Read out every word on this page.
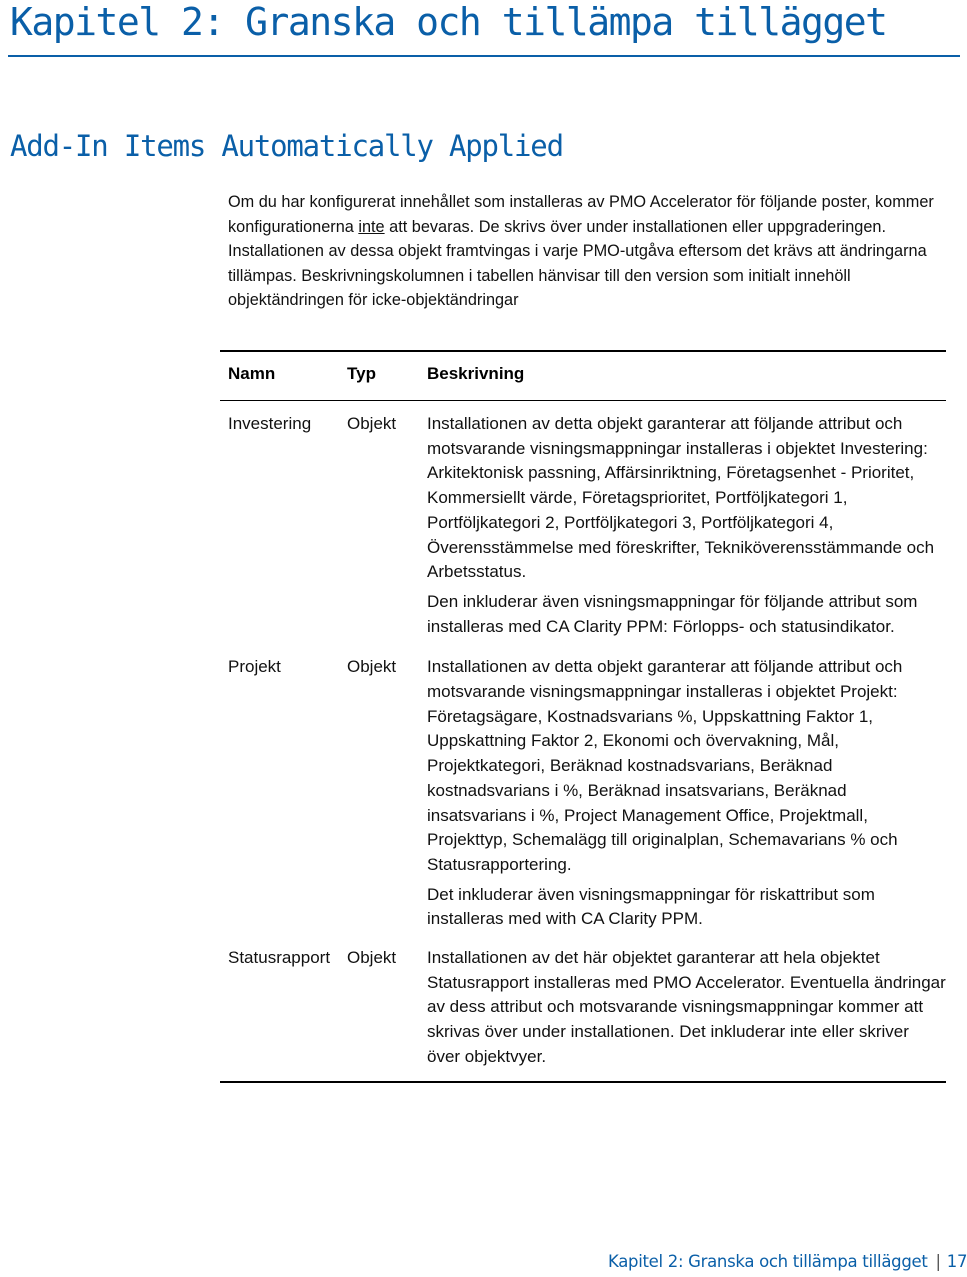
Kapitel 2: Granska och tillämpa tillägget
Add-In Items Automatically Applied

Om du har konfigurerat innehållet som installeras av PMO Accelerator för följande poster, kommer konfigurationerna inte att bevaras. De skrivs över under installationen eller uppgraderingen. Installationen av dessa objekt framtvingas i varje PMO-utgåva eftersom det krävs att ändringarna tillämpas. Beskrivningskolumnen i tabellen hänvisar till den version som initialt innehöll objektändringen för icke-objektändringar

Namn	Typ	Beskrivning
Investering	Objekt	Installationen av detta objekt garanterar att följande attribut och motsvarande visningsmappningar installeras i objektet Investering: Arkitektonisk passning, Affärsinriktning, Företagsenhet - Prioritet, Kommersiellt värde, Företagsprioritet, Portföljkategori 1, Portföljkategori 2, Portföljkategori 3, Portföljkategori 4, Överensstämmelse med föreskrifter, Tekniköverensstämmande och Arbetsstatus.

Den inkluderar även visningsmappningar för följande attribut som installeras med CA Clarity PPM: Förlopps- och statusindikator.

Projekt	Objekt	Installationen av detta objekt garanterar att följande attribut och motsvarande visningsmappningar installeras i objektet Projekt: Företagsägare, Kostnadsvarians %, Uppskattning Faktor 1, Uppskattning Faktor 2, Ekonomi och övervakning, Mål, Projektkategori, Beräknad kostnadsvarians, Beräknad kostnadsvarians i %, Beräknad insatsvarians, Beräknad insatsvarians i %, Project Management Office, Projektmall, Projekttyp, Schemalägg till originalplan, Schemavarians % och Statusrapportering.

Det inkluderar även visningsmappningar för riskattribut som installeras med with CA Clarity PPM.

Statusrapport Objekt	Installationen av det här objektet garanterar att hela objektet Statusrapport installeras med PMO Accelerator. Eventuella ändringar av dess attribut och motsvarande visningsmappningar kommer att skrivas över under installationen. Det inkluderar inte eller skriver över objektvyer.

Kapitel 2: Granska och tillämpa tillägget | 17
